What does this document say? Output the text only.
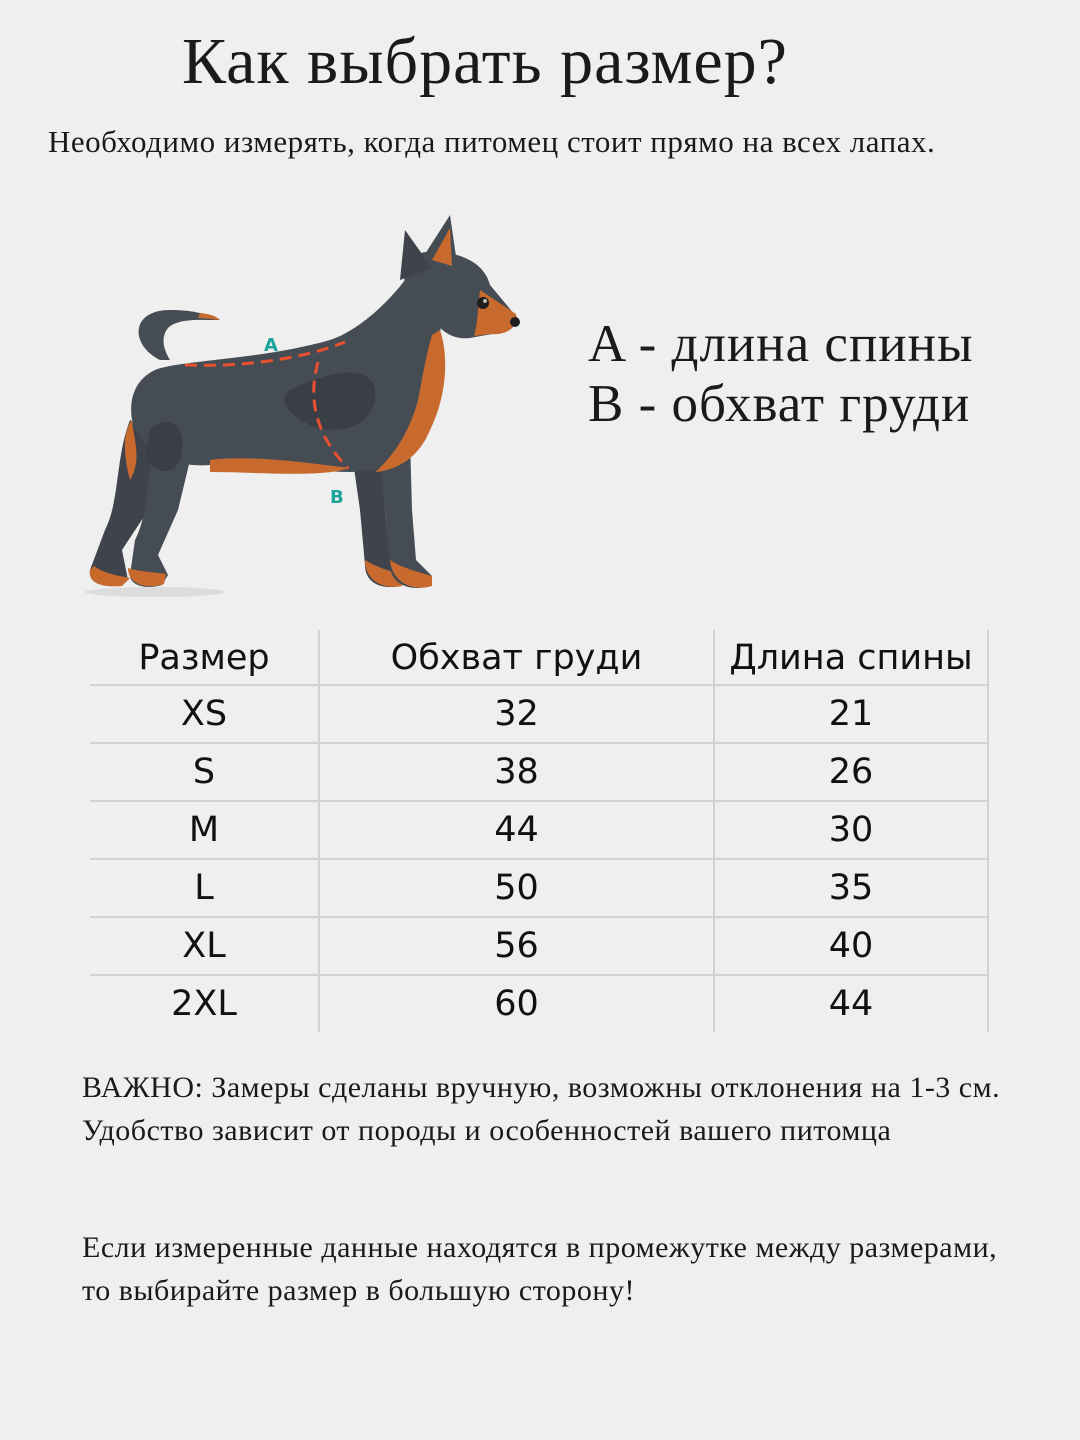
Как выбрать размер?

Необходимо измерять, когда питомец стоит прямо на всех лапах.

A
B
A - длина спины
B - обхват груди
Размер	Обхват груди	Длина спины
XS	32	21
S	38	26
M	44	30
L	50	35
XL	56	40
2XL	60	44

ВАЖНО: Замеры сделаны вручную, возможны отклонения на 1-3 см. Удобство зависит от породы и особенностей вашего питомца

Если измеренные данные находятся в промежутке между размерами, то выбирайте размер в большую сторону!
